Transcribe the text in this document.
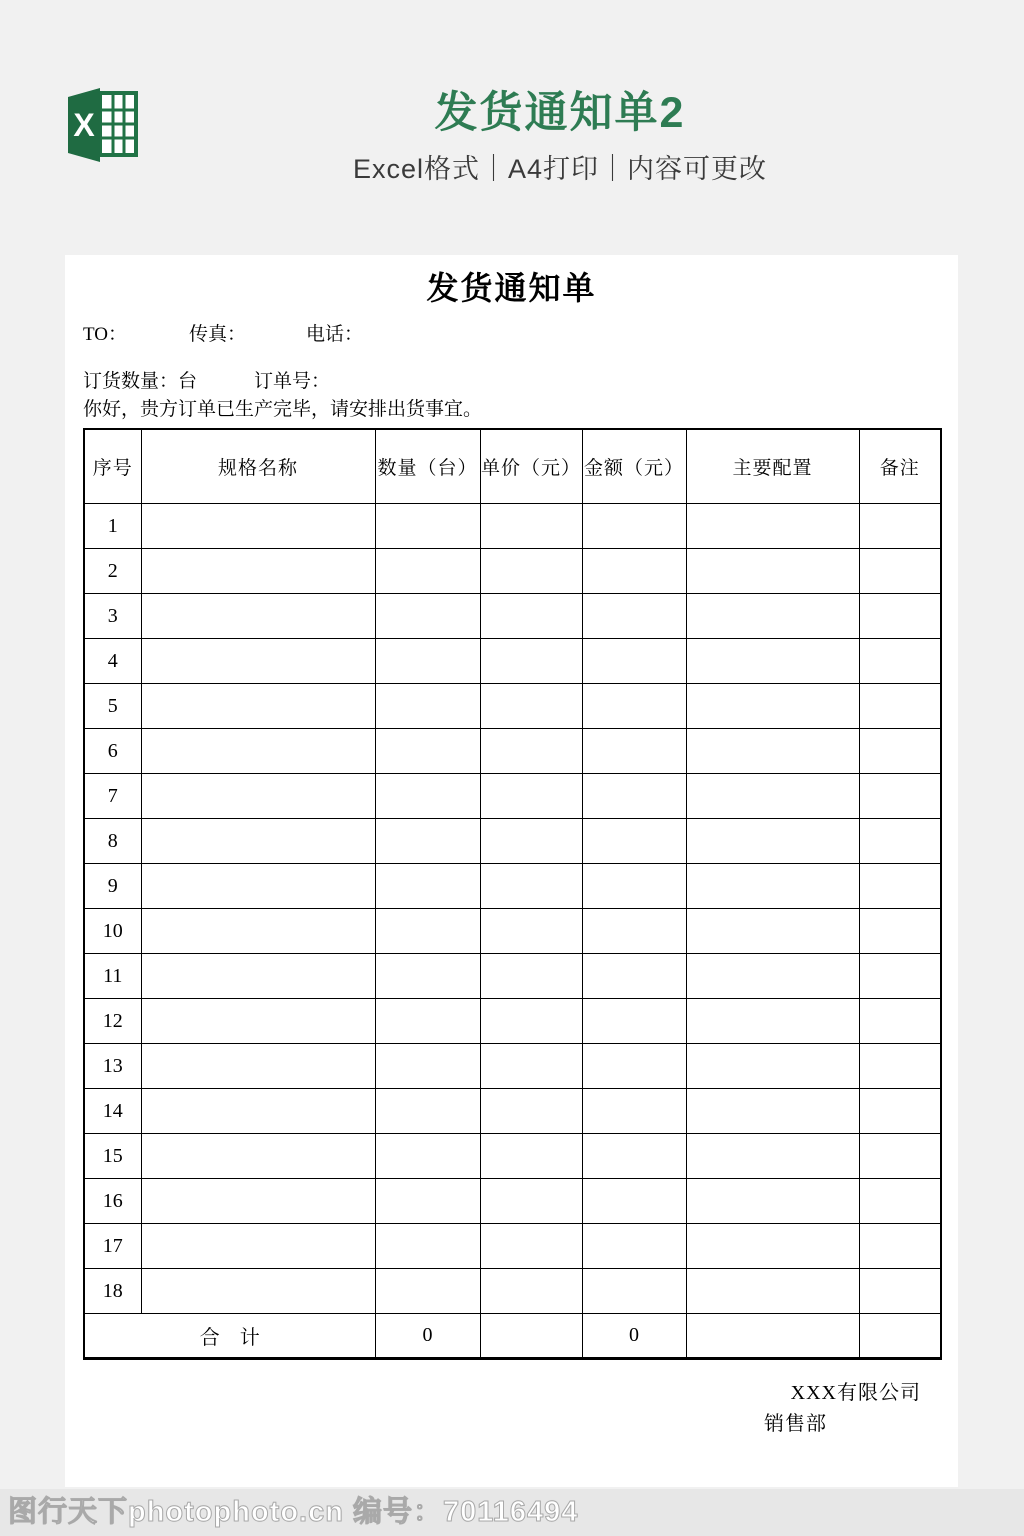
X	发货通知单2
Excel格式｜A4打印｜内容可更改
发货通知单
TO：	传真：	电话：
订货数量：台	订单号：
你好，贵方订单已生产完毕，请安排出货事宜。
序号	规格名称	数量（台）	单价（元）	金额（元）	主要配置	备注
1						
2						
3						
4						
5						
6						
7						
8						
9						
10						
11						
12						
13						
14						
15						
16						
17						
18						
合　计		0		0		
XXX有限公司
销售部
图行天下photophoto.cn 编号：70116494
